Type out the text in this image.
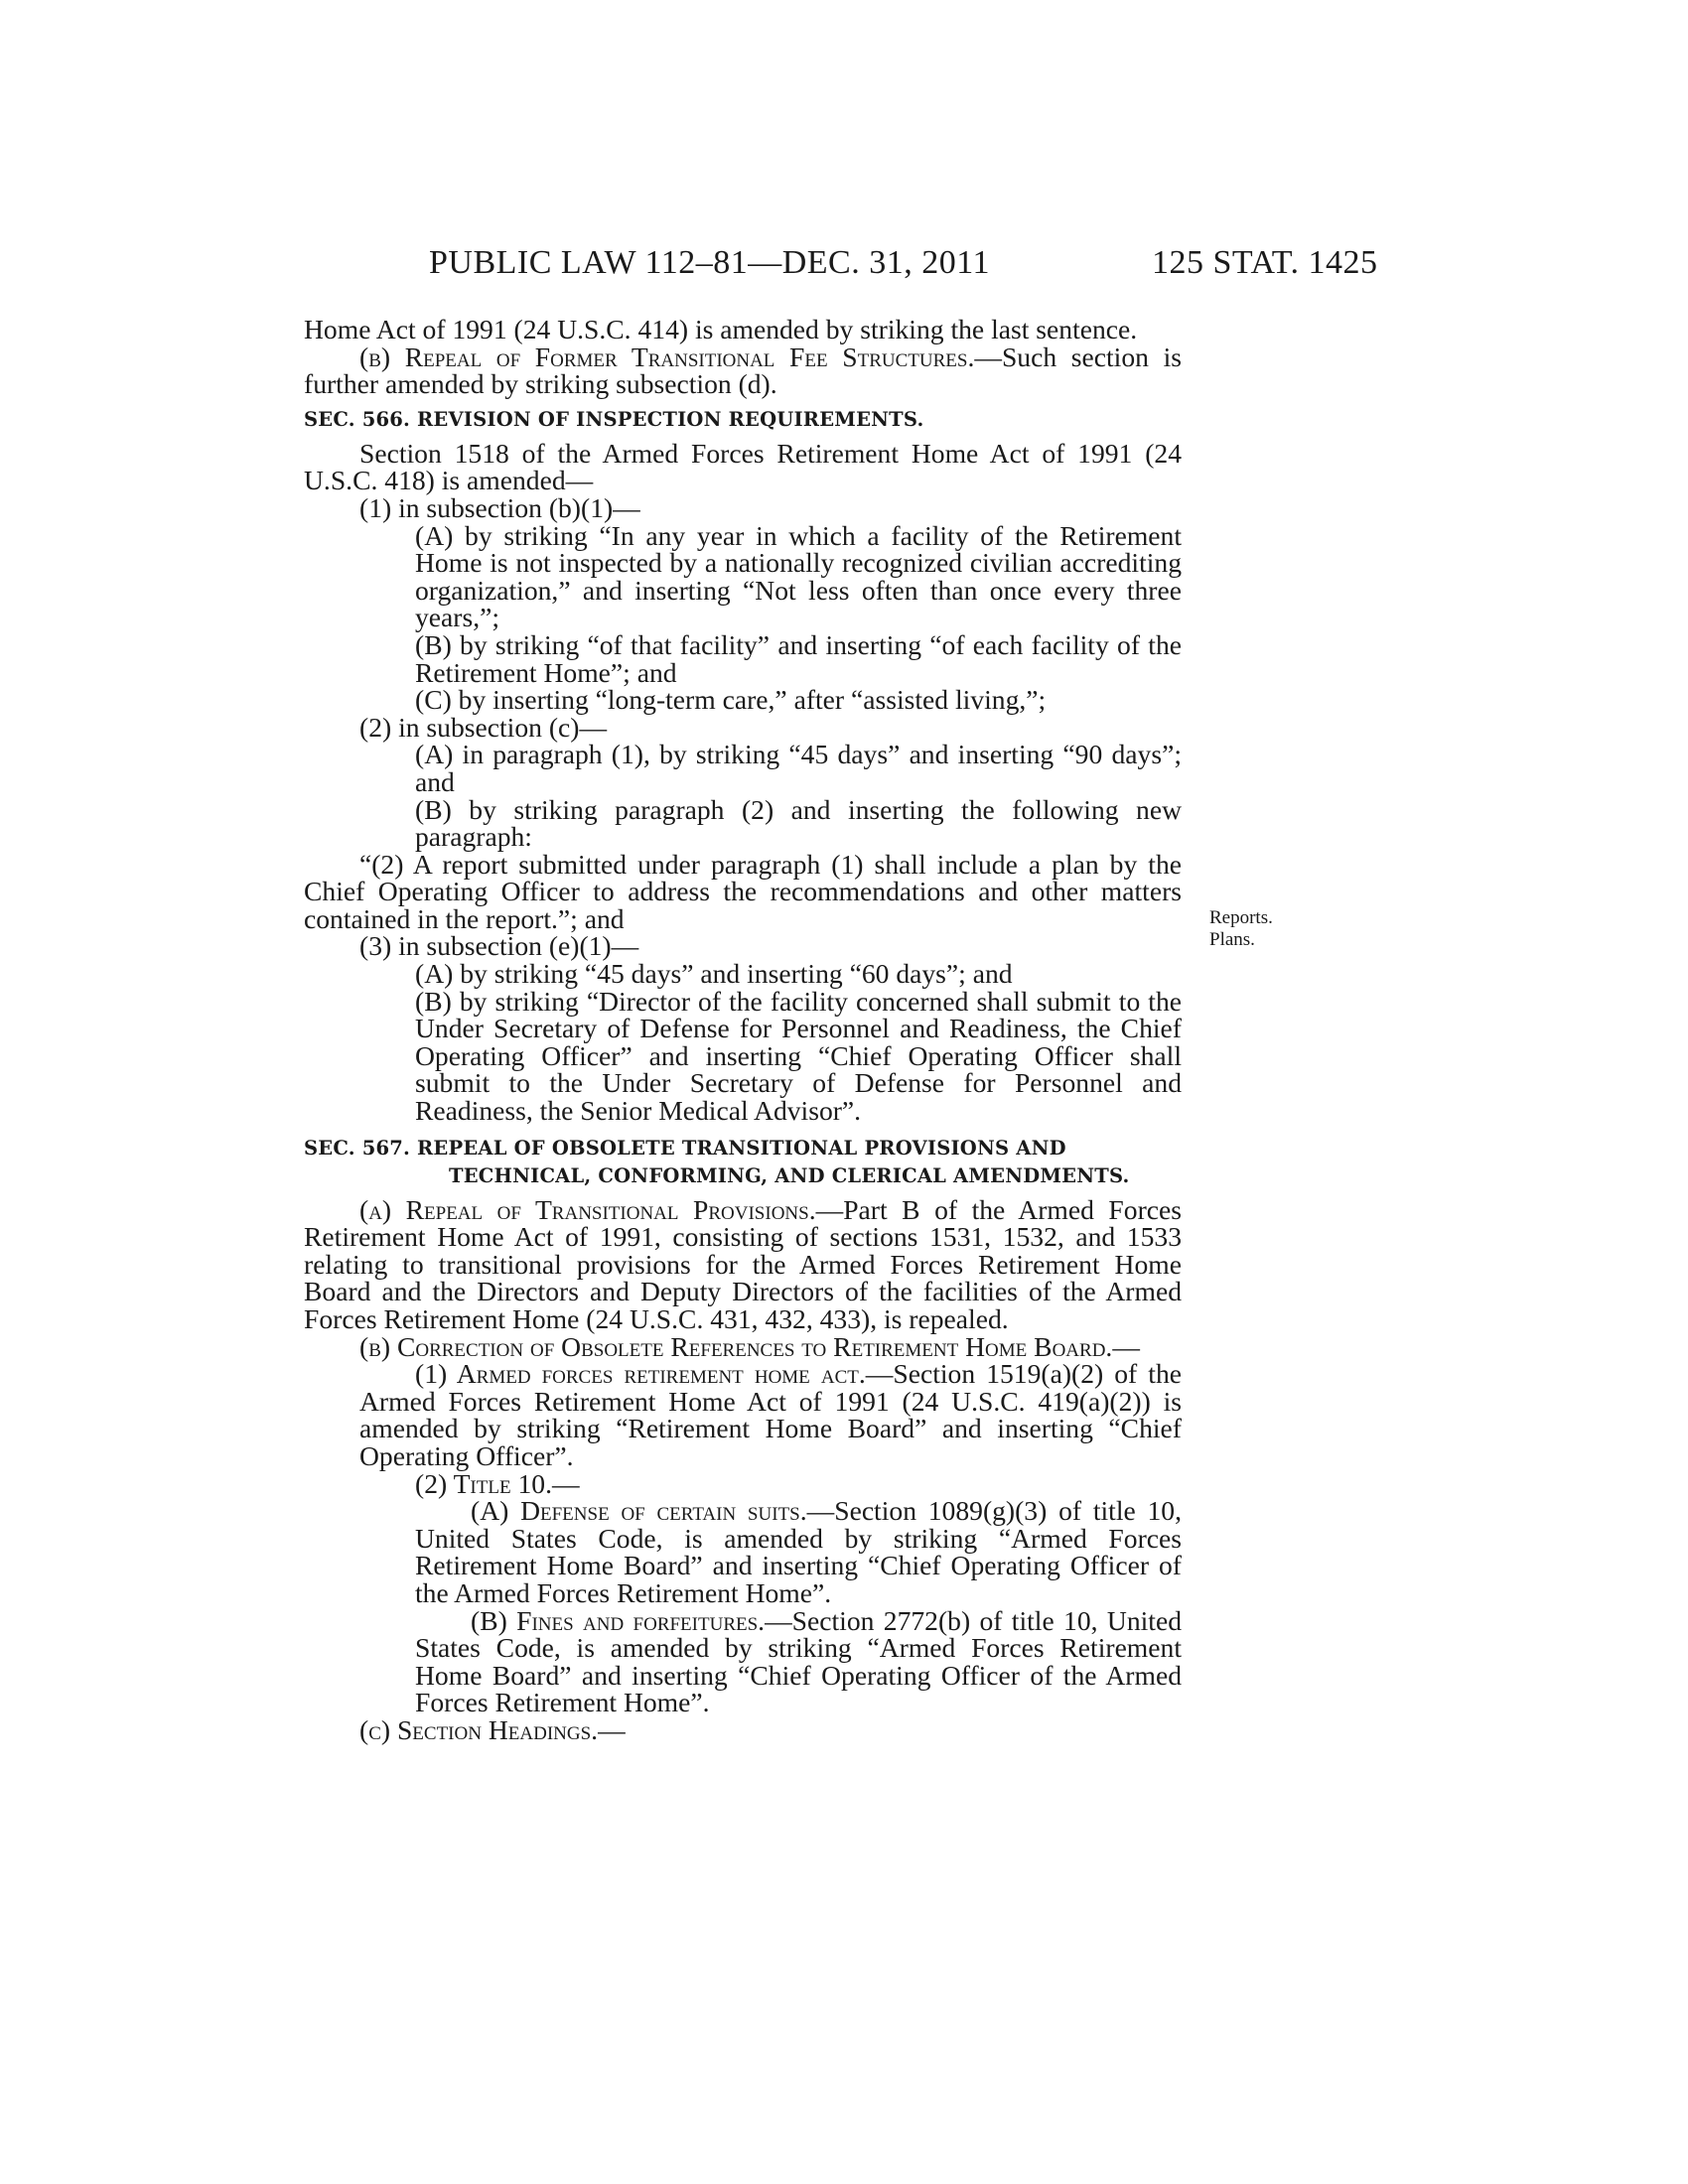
PUBLIC LAW 112–81—DEC. 31, 2011	125 STAT. 1425
Reports.
Plans.

Home Act of 1991 (24 U.S.C. 414) is amended by striking the last sentence.

(b) Repeal of Former Transitional Fee Structures.—Such section is further amended by striking subsection (d).

SEC. 566. REVISION OF INSPECTION REQUIREMENTS.

Section 1518 of the Armed Forces Retirement Home Act of 1991 (24 U.S.C. 418) is amended—

(1) in subsection (b)(1)—

(A) by striking “In any year in which a facility of the Retirement Home is not inspected by a nationally recognized civilian accrediting organization,” and inserting “Not less often than once every three years,”;

(B) by striking “of that facility” and inserting “of each facility of the Retirement Home”; and

(C) by inserting “long-term care,” after “assisted living,”;

(2) in subsection (c)—

(A) in paragraph (1), by striking “45 days” and inserting “90 days”; and

(B) by striking paragraph (2) and inserting the following new paragraph:

“(2) A report submitted under paragraph (1) shall include a plan by the Chief Operating Officer to address the recommendations and other matters contained in the report.”; and

(3) in subsection (e)(1)—

(A) by striking “45 days” and inserting “60 days”; and

(B) by striking “Director of the facility concerned shall submit to the Under Secretary of Defense for Personnel and Readiness, the Chief Operating Officer” and inserting “Chief Operating Officer shall submit to the Under Secretary of Defense for Personnel and Readiness, the Senior Medical Advisor”.

SEC. 567. REPEAL OF OBSOLETE TRANSITIONAL PROVISIONS AND
TECHNICAL, CONFORMING, AND CLERICAL AMENDMENTS.

(a) Repeal of Transitional Provisions.—Part B of the Armed Forces Retirement Home Act of 1991, consisting of sections 1531, 1532, and 1533 relating to transitional provisions for the Armed Forces Retirement Home Board and the Directors and Deputy Directors of the facilities of the Armed Forces Retirement Home (24 U.S.C. 431, 432, 433), is repealed.

(b) Correction of Obsolete References to Retirement Home Board.—

(1) Armed forces retirement home act.—Section 1519(a)(2) of the Armed Forces Retirement Home Act of 1991 (24 U.S.C. 419(a)(2)) is amended by striking “Retirement Home Board” and inserting “Chief Operating Officer”.

(2) Title 10.—

(A) Defense of certain suits.—Section 1089(g)(3) of title 10, United States Code, is amended by striking “Armed Forces Retirement Home Board” and inserting “Chief Operating Officer of the Armed Forces Retirement Home”.

(B) Fines and forfeitures.—Section 2772(b) of title 10, United States Code, is amended by striking “Armed Forces Retirement Home Board” and inserting “Chief Operating Officer of the Armed Forces Retirement Home”.

(c) Section Headings.—
